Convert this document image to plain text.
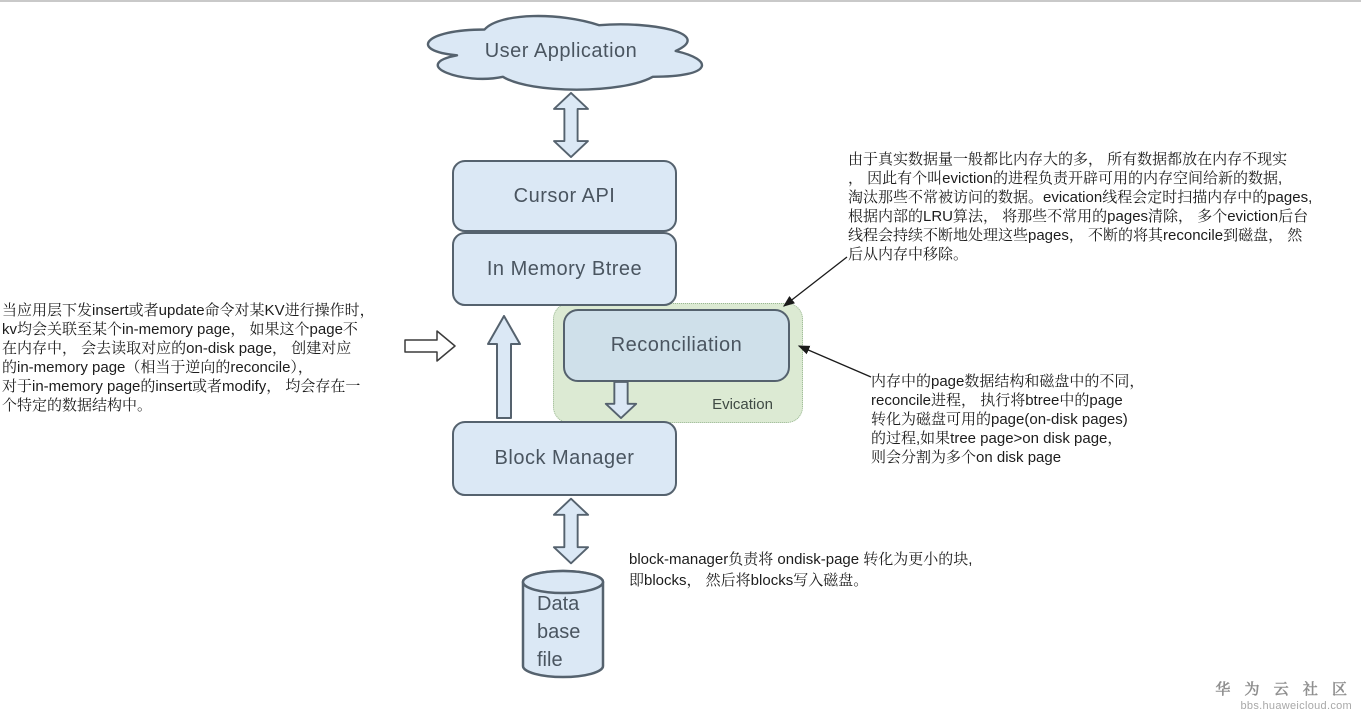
User Application
Evication
Cursor API
In Memory Btree
Reconciliation
Block Manager
Data
base
file
当应用层下发insert或者update命令对某KV进行操作时，
kv均会关联至某个in-memory page， 如果这个page不
在内存中， 会去读取对应的on-disk page， 创建对应
的in-memory page（相当于逆向的reconcile），
对于in-memory page的insert或者modify， 均会存在一
个特定的数据结构中。
由于真实数据量一般都比内存大的多， 所有数据都放在内存不现实
， 因此有个叫eviction的进程负责开辟可用的内存空间给新的数据,
淘汰那些不常被访问的数据。evication线程会定时扫描内存中的pages,
根据内部的LRU算法， 将那些不常用的pages清除， 多个eviction后台
线程会持续不断地处理这些pages， 不断的将其reconcile到磁盘， 然
后从内存中移除。
内存中的page数据结构和磁盘中的不同，
reconcile进程， 执行将btree中的page
转化为磁盘可用的page(on-disk pages)
的过程,如果tree page>on disk page，
则会分割为多个on disk page
block-manager负责将 ondisk-page 转化为更小的块,
即blocks， 然后将blocks写入磁盘。
华 为 云 社 区
bbs.huaweicloud.com
